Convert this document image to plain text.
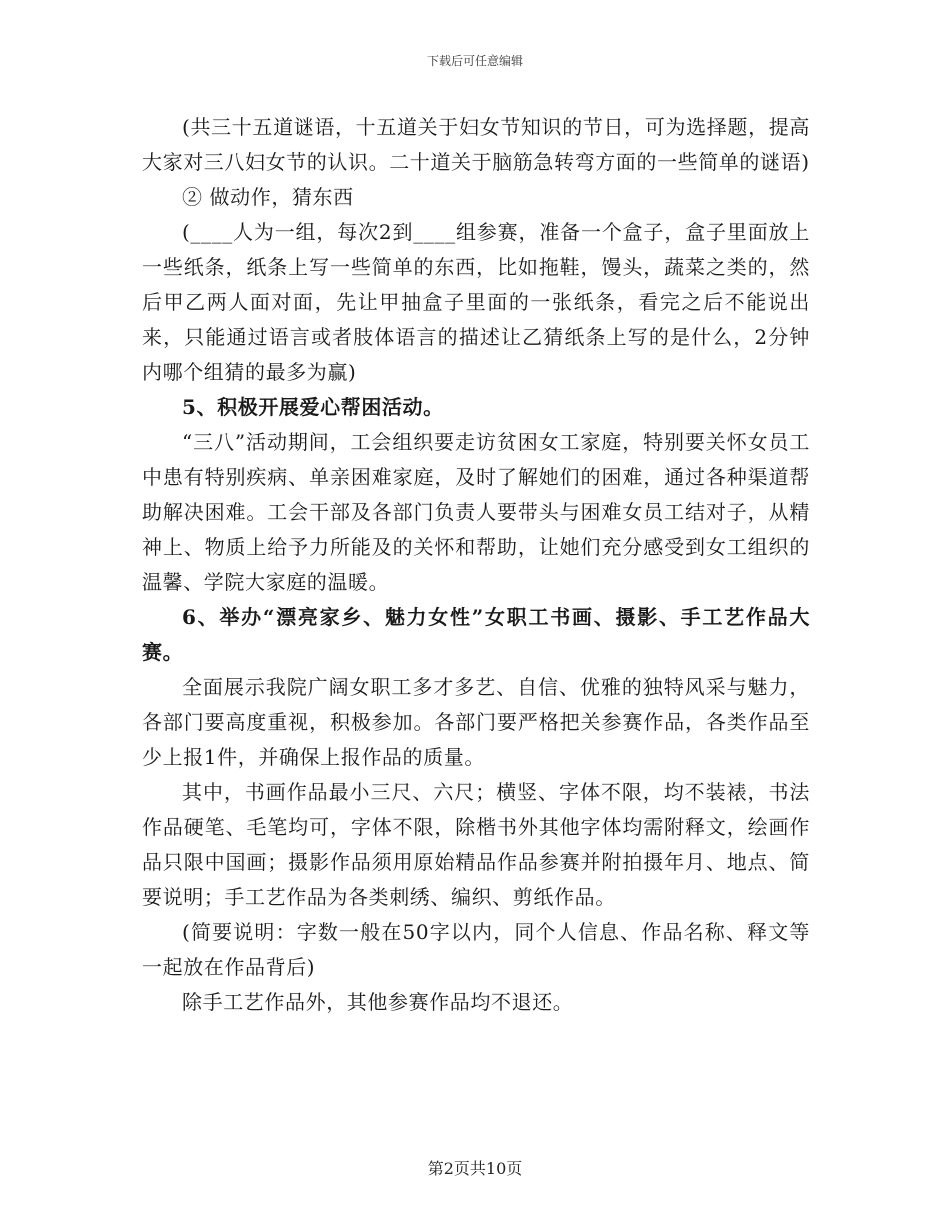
下载后可任意编辑

(共三十五道谜语，十五道关于妇女节知识的节日，可为选择题，提高大家对三八妇女节的认识。二十道关于脑筋急转弯方面的一些简单的谜语)

② 做动作，猜东西

(____人为一组，每次2到____组参赛，准备一个盒子，盒子里面放上一些纸条，纸条上写一些简单的东西，比如拖鞋，馒头，蔬菜之类的，然后甲乙两人面对面，先让甲抽盒子里面的一张纸条，看完之后不能说出来，只能通过语言或者肢体语言的描述让乙猜纸条上写的是什么，2分钟内哪个组猜的最多为赢)

5、积极开展爱心帮困活动。

“三八”活动期间，工会组织要走访贫困女工家庭，特别要关怀女员工中患有特别疾病、单亲困难家庭，及时了解她们的困难，通过各种渠道帮助解决困难。工会干部及各部门负责人要带头与困难女员工结对子，从精神上、物质上给予力所能及的关怀和帮助，让她们充分感受到女工组织的温馨、学院大家庭的温暖。

6、举办“漂亮家乡、魅力女性”女职工书画、摄影、手工艺作品大赛。

全面展示我院广阔女职工多才多艺、自信、优雅的独特风采与魅力，各部门要高度重视，积极参加。各部门要严格把关参赛作品，各类作品至少上报1件，并确保上报作品的质量。

其中，书画作品最小三尺、六尺；横竖、字体不限，均不装裱，书法作品硬笔、毛笔均可，字体不限，除楷书外其他字体均需附释文，绘画作品只限中国画；摄影作品须用原始精品作品参赛并附拍摄年月、地点、简要说明；手工艺作品为各类刺绣、编织、剪纸作品。

(简要说明：字数一般在50字以内，同个人信息、作品名称、释文等一起放在作品背后)

除手工艺作品外，其他参赛作品均不退还。

第2页共10页
